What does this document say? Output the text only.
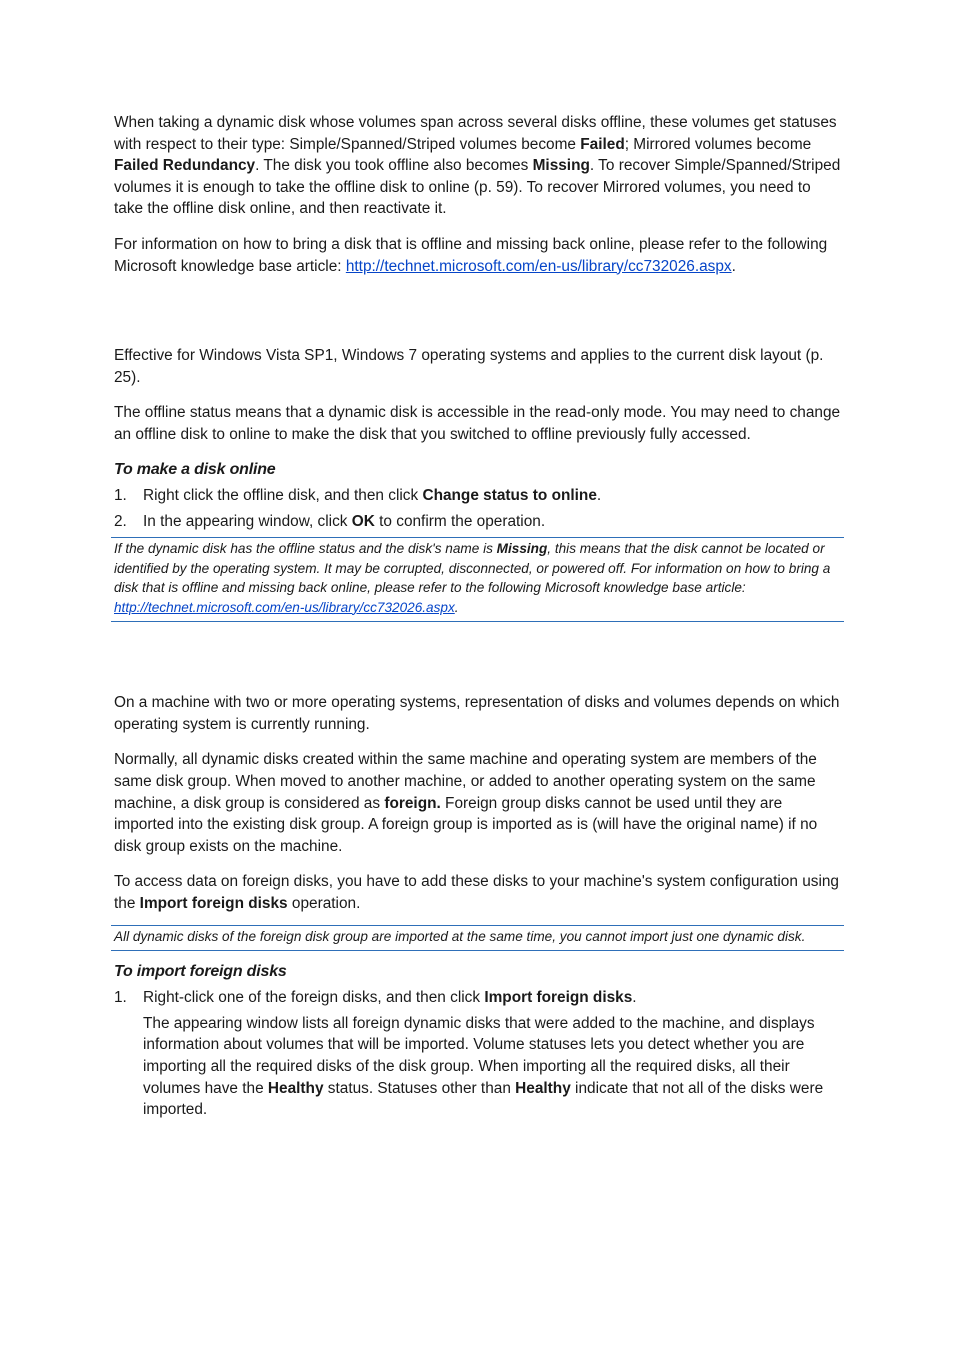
When taking a dynamic disk whose volumes span across several disks offline, these volumes get statuses with respect to their type: Simple/Spanned/Striped volumes become Failed; Mirrored volumes become Failed Redundancy. The disk you took offline also becomes Missing. To recover Simple/Spanned/Striped volumes it is enough to take the offline disk to online (p. 59). To recover Mirrored volumes, you need to take the offline disk online, and then reactivate it.

For information on how to bring a disk that is offline and missing back online, please refer to the following Microsoft knowledge base article: http://technet.microsoft.com/en-us/library/cc732026.aspx.

Effective for Windows Vista SP1, Windows 7 operating systems and applies to the current disk layout (p. 25).

The offline status means that a dynamic disk is accessible in the read-only mode. You may need to change an offline disk to online to make the disk that you switched to offline previously fully accessed.

To make a disk online
1.	Right click the offline disk, and then click Change status to online.
2.	In the appearing window, click OK to confirm the operation.
If the dynamic disk has the offline status and the disk's name is Missing, this means that the disk cannot be located or identified by the operating system. It may be corrupted, disconnected, or powered off. For information on how to bring a disk that is offline and missing back online, please refer to the following Microsoft knowledge base article: http://technet.microsoft.com/en-us/library/cc732026.aspx.

On a machine with two or more operating systems, representation of disks and volumes depends on which operating system is currently running.

Normally, all dynamic disks created within the same machine and operating system are members of the same disk group. When moved to another machine, or added to another operating system on the same machine, a disk group is considered as foreign. Foreign group disks cannot be used until they are imported into the existing disk group. A foreign group is imported as is (will have the original name) if no disk group exists on the machine.

To access data on foreign disks, you have to add these disks to your machine's system configuration using the Import foreign disks operation.

All dynamic disks of the foreign disk group are imported at the same time, you cannot import just one dynamic disk.
To import foreign disks
1.	Right-click one of the foreign disks, and then click Import foreign disks.
The appearing window lists all foreign dynamic disks that were added to the machine, and displays information about volumes that will be imported. Volume statuses lets you detect whether you are importing all the required disks of the disk group. When importing all the required disks, all their volumes have the Healthy status. Statuses other than Healthy indicate that not all of the disks were imported.
